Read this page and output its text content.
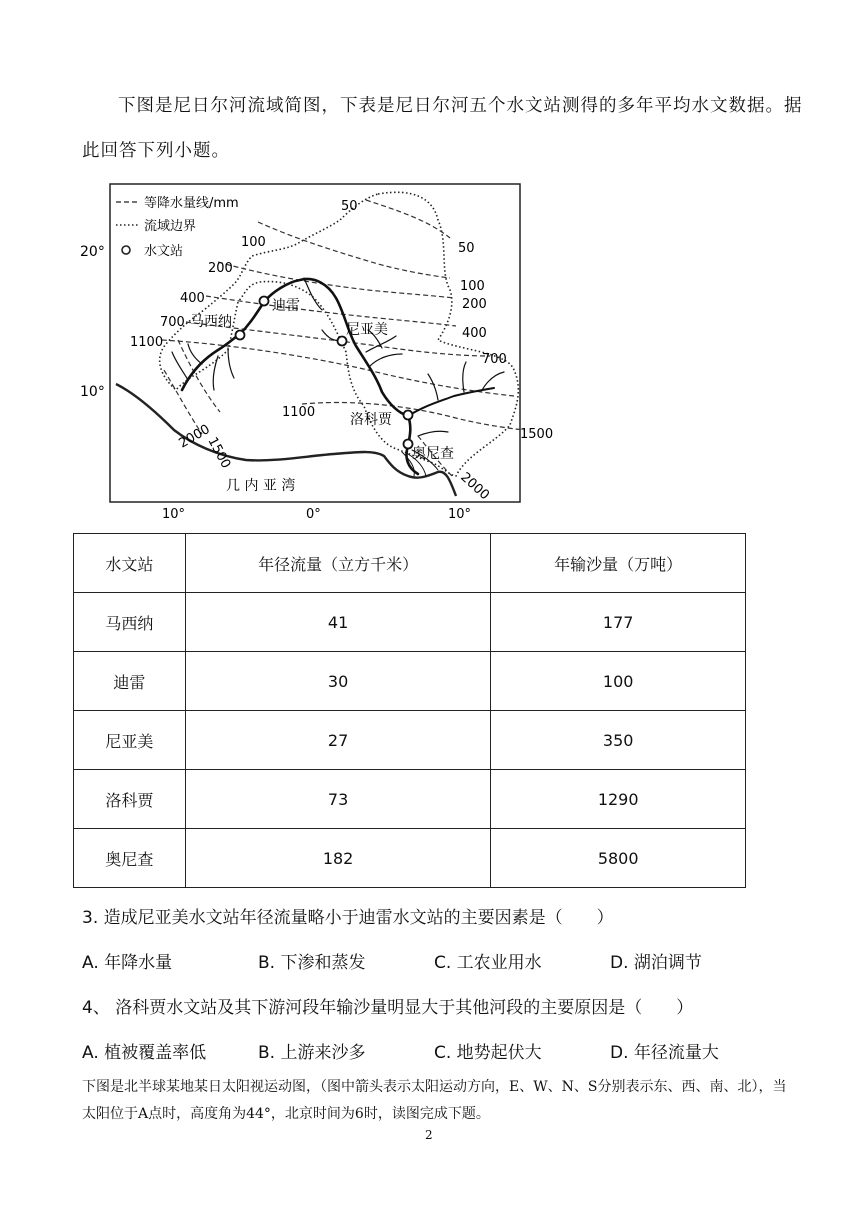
下图是尼日尔河流域简图，下表是尼日尔河五个水文站测得的多年平均水文数据。据此回答下列小题。
20°
10°
10°	0°	10°
等降水量线/mm
流域边界
水文站
几 内 亚 湾
50
50
100
100
200
200
400
400
700
700
1100
1100
1500
1500
2000
2000
迪雷
马西纳	尼亚美
洛科贾
奥尼查
水文站	年径流量（立方千米）	年输沙量（万吨）
马西纳	41	177
迪雷	30	100
尼亚美	27	350
洛科贾	73	1290
奥尼查	182	5800
3. 造成尼亚美水文站年径流量略小于迪雷水文站的主要因素是（　　）
A. 年降水量	B. 下渗和蒸发	C. 工农业用水	D. 湖泊调节
4、 洛科贾水文站及其下游河段年输沙量明显大于其他河段的主要原因是（　　）
A. 植被覆盖率低	B. 上游来沙多	C. 地势起伏大	D. 年径流量大
下图是北半球某地某日太阳视运动图，（图中箭头表示太阳运动方向，E、W、N、S分别表示东、西、南、北），当太阳位于A点时，高度角为44°，北京时间为6时，读图完成下题。
2
